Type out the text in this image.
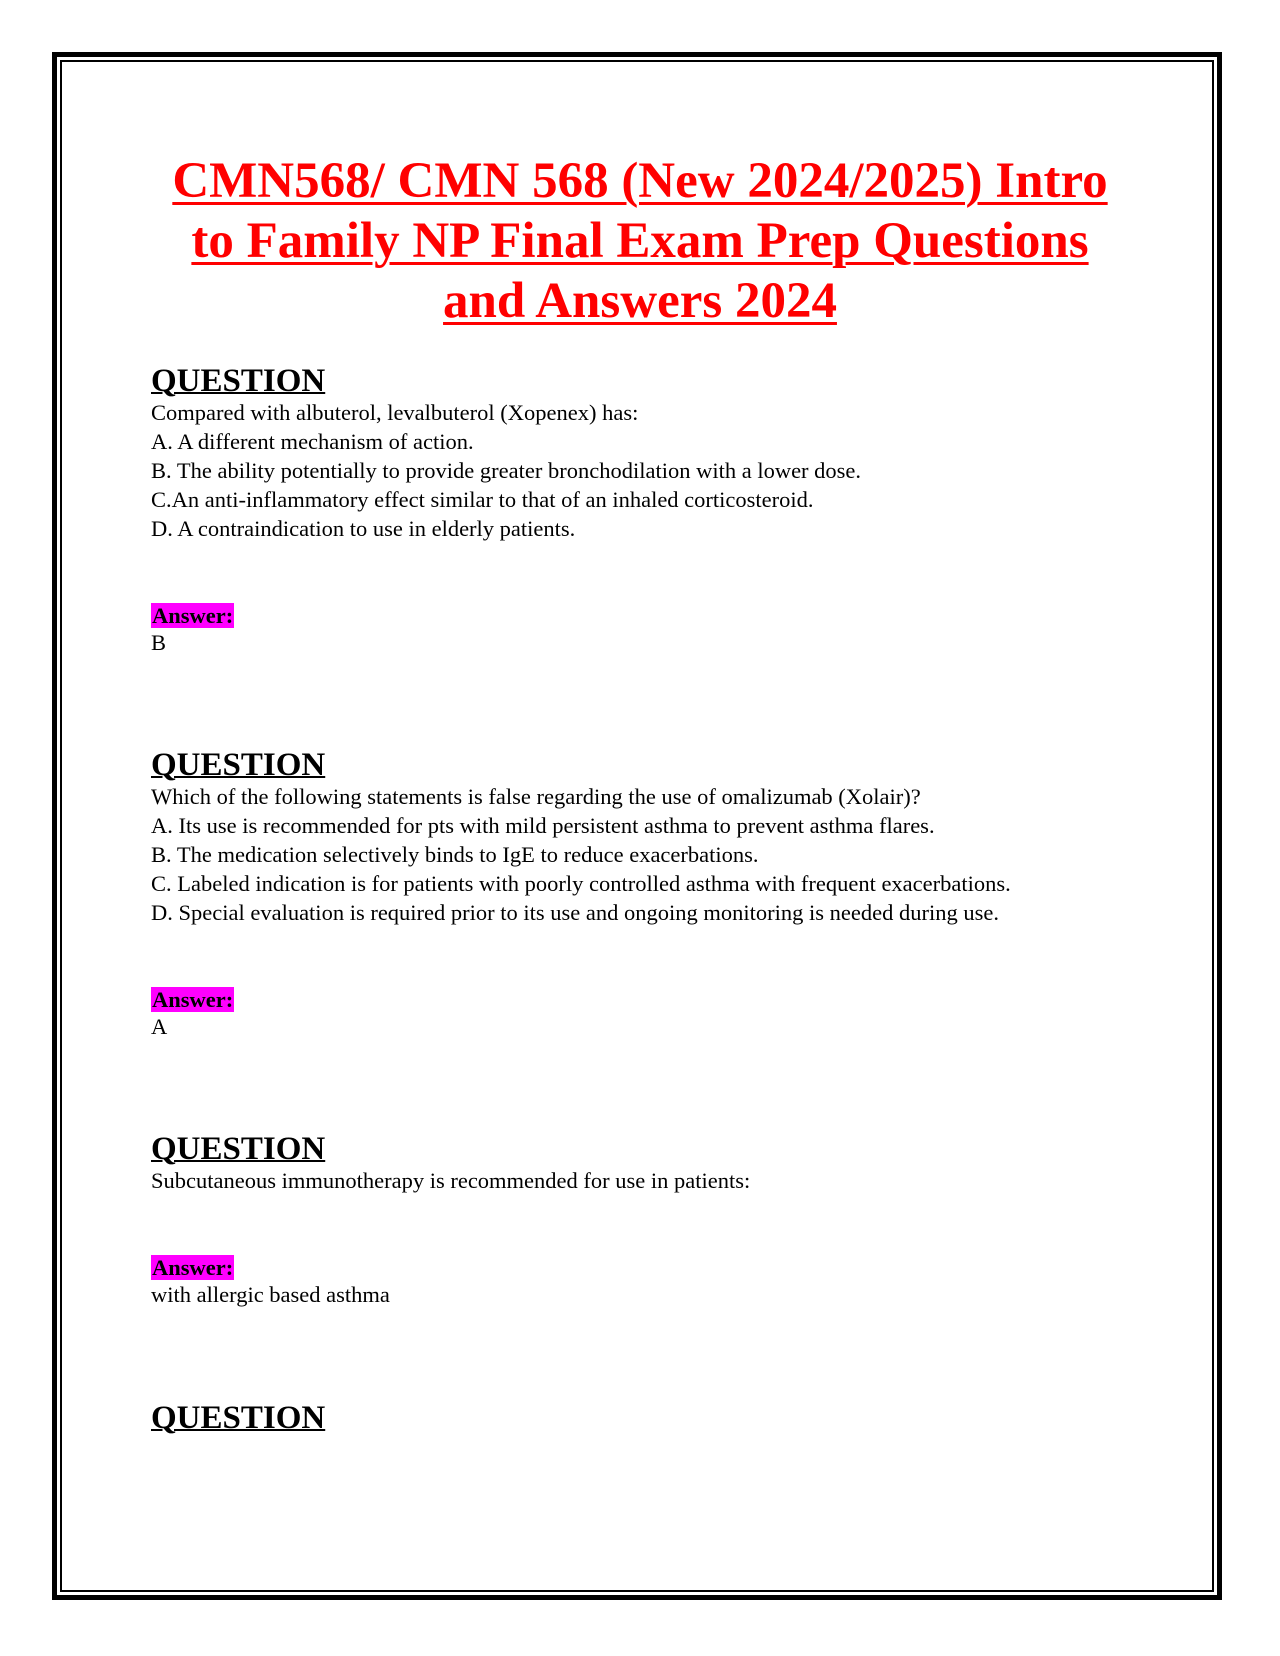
CMN568/ CMN 568 (New 2024/2025) Intro
to Family NP Final Exam Prep Questions
and Answers 2024
QUESTION
Compared with albuterol, levalbuterol (Xopenex) has:
A. A different mechanism of action.
B. The ability potentially to provide greater bronchodilation with a lower dose.
C.An anti-inflammatory effect similar to that of an inhaled corticosteroid.
D. A contraindication to use in elderly patients.
Answer:
B
QUESTION
Which of the following statements is false regarding the use of omalizumab (Xolair)?
A. Its use is recommended for pts with mild persistent asthma to prevent asthma flares.
B. The medication selectively binds to IgE to reduce exacerbations.
C. Labeled indication is for patients with poorly controlled asthma with frequent exacerbations.
D. Special evaluation is required prior to its use and ongoing monitoring is needed during use.
Answer:
A
QUESTION
Subcutaneous immunotherapy is recommended for use in patients:
Answer:
with allergic based asthma
QUESTION
